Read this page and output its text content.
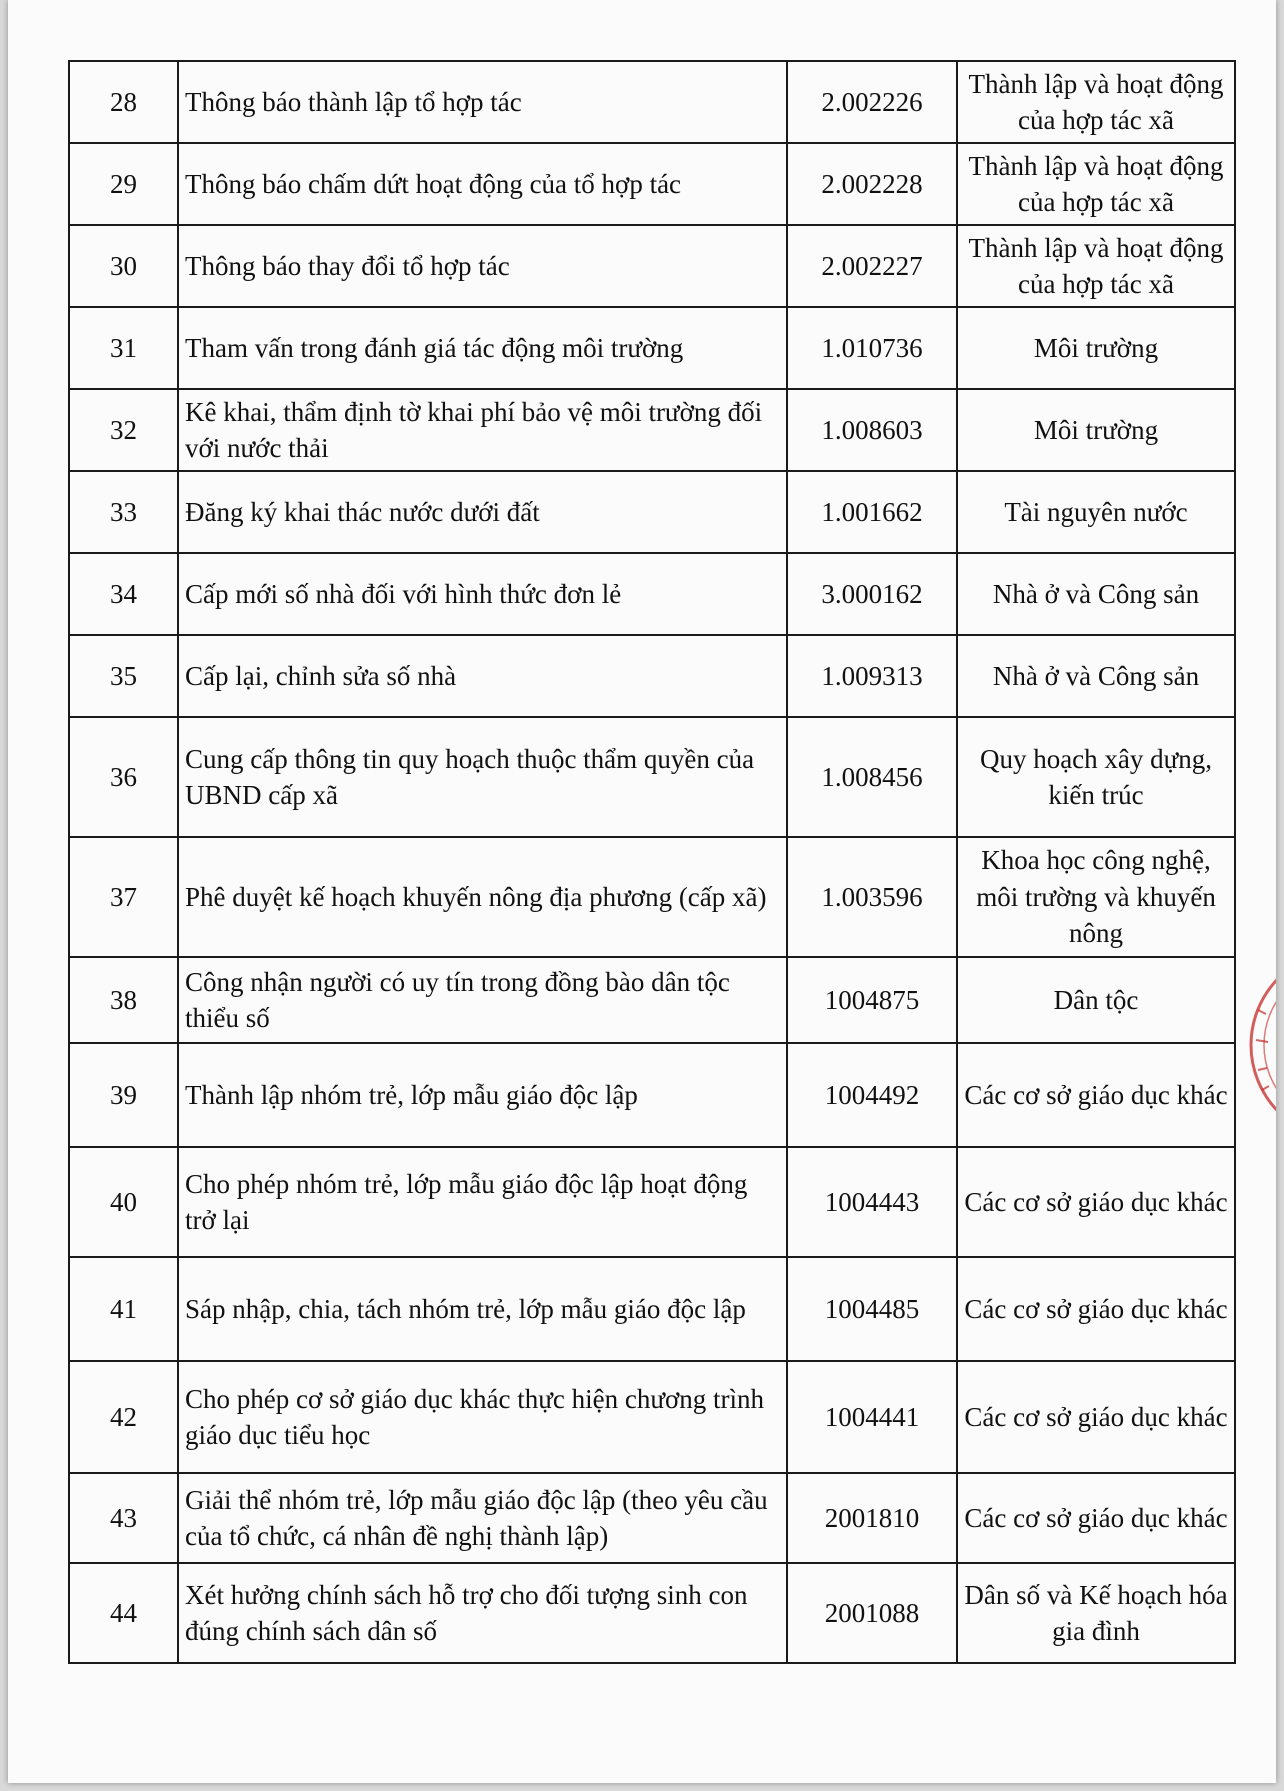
28	Thông báo thành lập tổ hợp tác	2.002226	Thành lập và hoạt động của hợp tác xã
29	Thông báo chấm dứt hoạt động của tổ hợp tác	2.002228	Thành lập và hoạt động của hợp tác xã
30	Thông báo thay đổi tổ hợp tác	2.002227	Thành lập và hoạt động của hợp tác xã
31	Tham vấn trong đánh giá tác động môi trường	1.010736	Môi trường
32	Kê khai, thẩm định tờ khai phí bảo vệ môi trường đối với nước thải	1.008603	Môi trường
33	Đăng ký khai thác nước dưới đất	1.001662	Tài nguyên nước
34	Cấp mới số nhà đối với hình thức đơn lẻ	3.000162	Nhà ở và Công sản
35	Cấp lại, chỉnh sửa số nhà	1.009313	Nhà ở và Công sản
36	Cung cấp thông tin quy hoạch thuộc thẩm quyền của UBND cấp xã	1.008456	Quy hoạch xây dựng, kiến trúc
37	Phê duyệt kế hoạch khuyến nông địa phương (cấp xã)	1.003596	Khoa học công nghệ, môi trường và khuyến nông
38	Công nhận người có uy tín trong đồng bào dân tộc thiểu số	1004875	Dân tộc
39	Thành lập nhóm trẻ, lớp mẫu giáo độc lập	1004492	Các cơ sở giáo dục khác
40	Cho phép nhóm trẻ, lớp mẫu giáo độc lập hoạt động trở lại	1004443	Các cơ sở giáo dục khác
41	Sáp nhập, chia, tách nhóm trẻ, lớp mẫu giáo độc lập	1004485	Các cơ sở giáo dục khác
42	Cho phép cơ sở giáo dục khác thực hiện chương trình giáo dục tiểu học	1004441	Các cơ sở giáo dục khác
43	Giải thể nhóm trẻ, lớp mẫu giáo độc lập (theo yêu cầu của tổ chức, cá nhân đề nghị thành lập)	2001810	Các cơ sở giáo dục khác
44	Xét hưởng chính sách hỗ trợ cho đối tượng sinh con đúng chính sách dân số	2001088	Dân số và Kế hoạch hóa gia đình
